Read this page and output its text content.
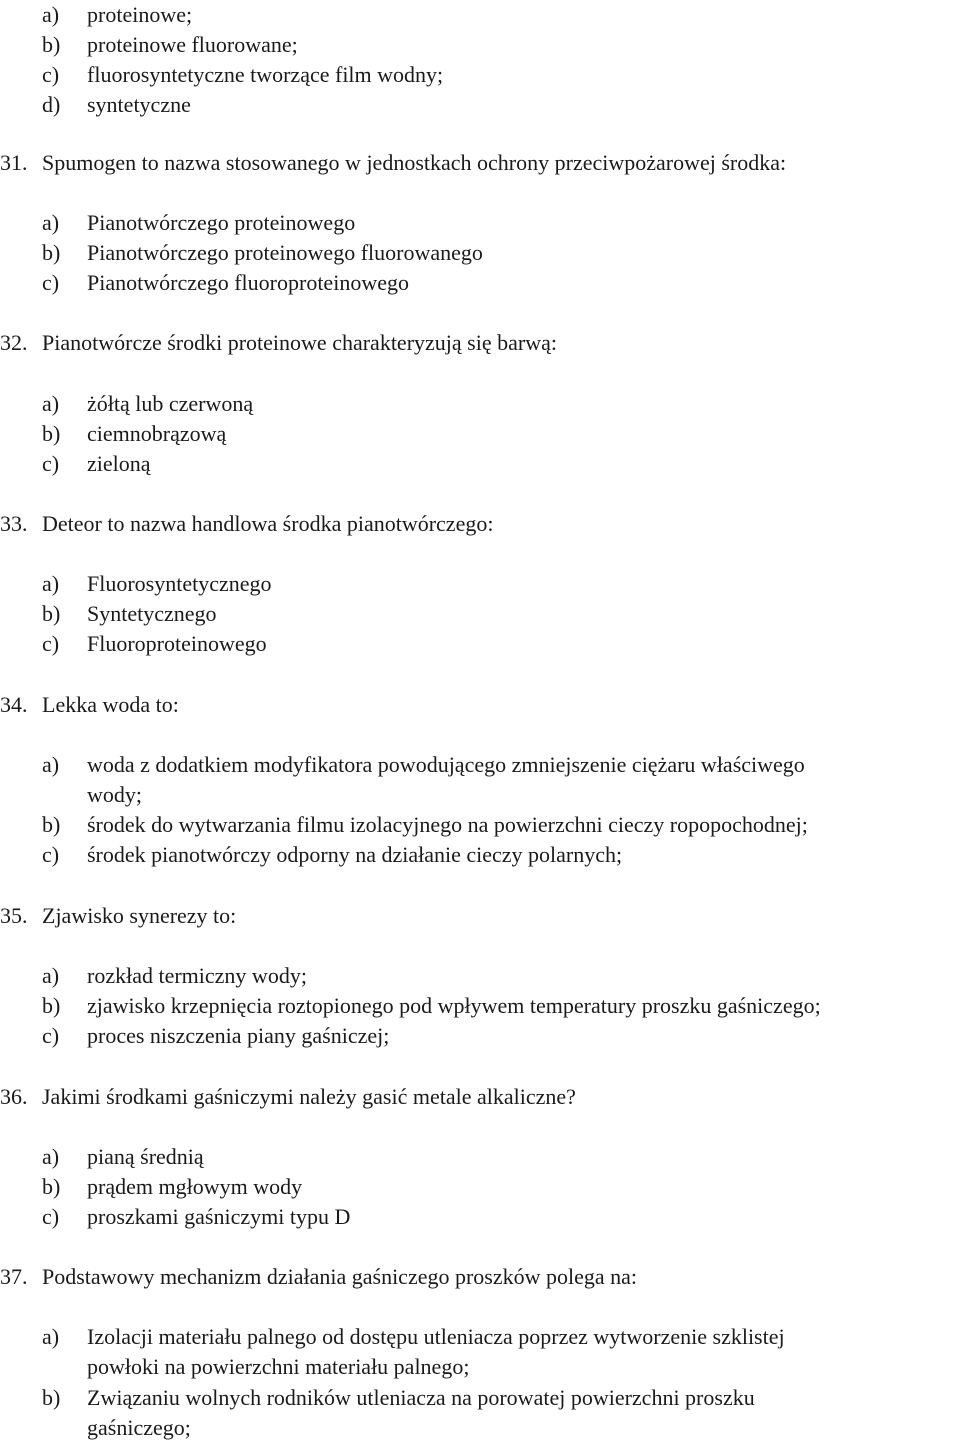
a) proteinowe;
b) proteinowe fluorowane;
c) fluorosyntetyczne tworzące film wodny;
d) syntetyczne
31. Spumogen to nazwa stosowanego w jednostkach ochrony przeciwpożarowej środka:
a) Pianotwórczego proteinowego
b) Pianotwórczego proteinowego fluorowanego
c) Pianotwórczego fluoroproteinowego
32. Pianotwórcze środki proteinowe charakteryzują się barwą:
a) żółtą lub czerwoną
b) ciemnobrązową
c) zieloną
33. Deteor to nazwa handlowa środka pianotwórczego:
a) Fluorosyntetycznego
b) Syntetycznego
c) Fluoroproteinowego
34. Lekka woda to:
a) woda z dodatkiem modyfikatora powodującego zmniejszenie ciężaru właściwego
wody;
b) środek do wytwarzania filmu izolacyjnego na powierzchni cieczy ropopochodnej;
c) środek pianotwórczy odporny na działanie cieczy polarnych;
35. Zjawisko synerezy to:
a) rozkład termiczny wody;
b) zjawisko krzepnięcia roztopionego pod wpływem temperatury proszku gaśniczego;
c) proces niszczenia piany gaśniczej;
36. Jakimi środkami gaśniczymi należy gasić metale alkaliczne?
a) pianą średnią
b) prądem mgłowym wody
c) proszkami gaśniczymi typu D
37. Podstawowy mechanizm działania gaśniczego proszków polega na:
a) Izolacji materiału palnego od dostępu utleniacza poprzez wytworzenie szklistej
powłoki na powierzchni materiału palnego;
b) Związaniu wolnych rodników utleniacza na porowatej powierzchni proszku
gaśniczego;
